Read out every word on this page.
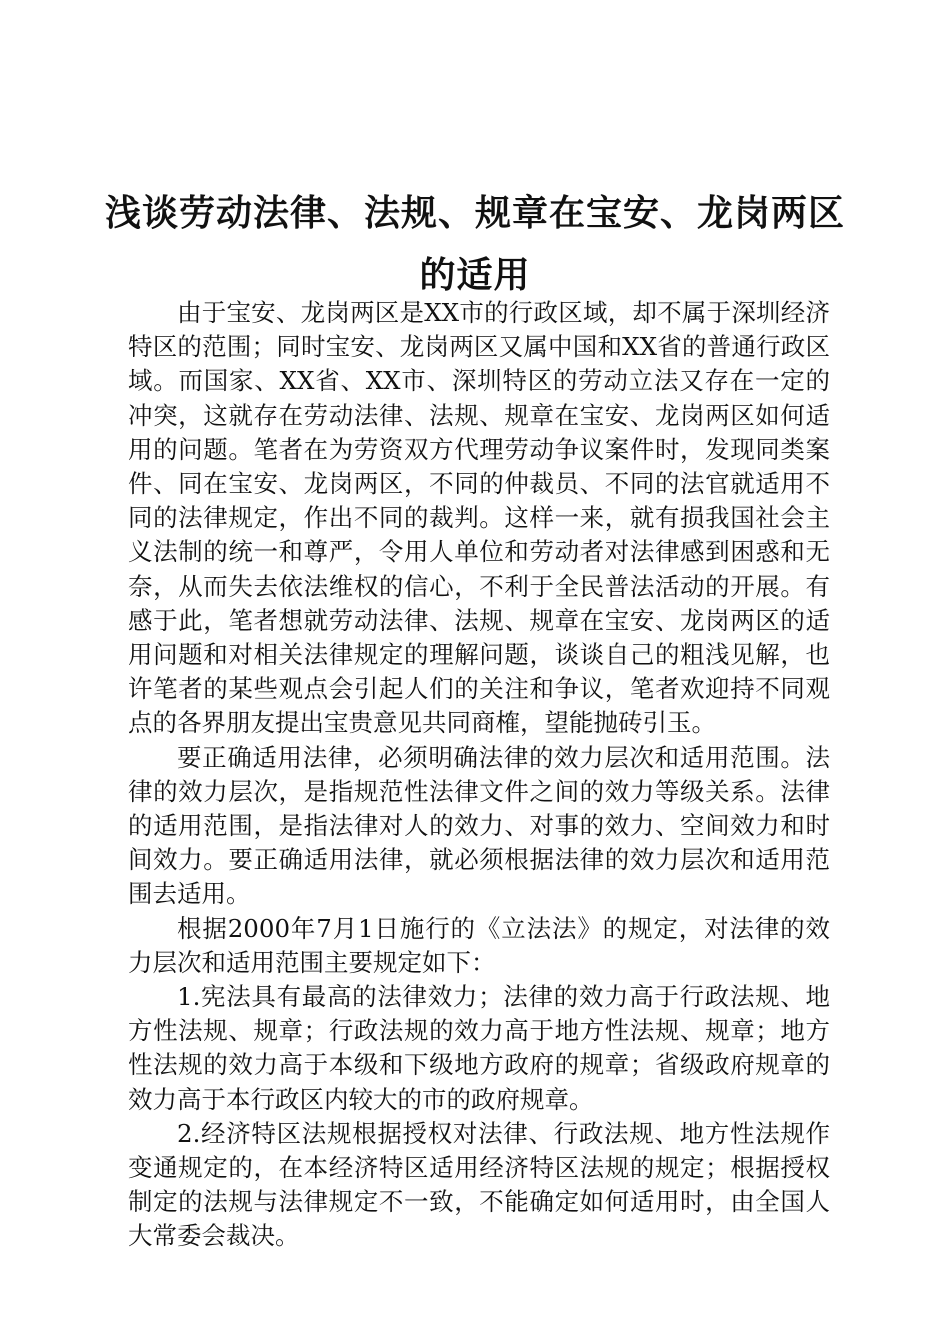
浅谈劳动法律、法规、规章在宝安、龙岗两区
的适用

由于宝安、龙岗两区是XX市的行政区域，却不属于深圳经济特区的范围；同时宝安、龙岗两区又属中国和XX省的普通行政区域。而国家、XX省、XX市、深圳特区的劳动立法又存在一定的冲突，这就存在劳动法律、法规、规章在宝安、龙岗两区如何适用的问题。笔者在为劳资双方代理劳动争议案件时，发现同类案件、同在宝安、龙岗两区，不同的仲裁员、不同的法官就适用不同的法律规定，作出不同的裁判。这样一来，就有损我国社会主义法制的统一和尊严，令用人单位和劳动者对法律感到困惑和无奈，从而失去依法维权的信心，不利于全民普法活动的开展。有感于此，笔者想就劳动法律、法规、规章在宝安、龙岗两区的适用问题和对相关法律规定的理解问题，谈谈自己的粗浅见解，也许笔者的某些观点会引起人们的关注和争议，笔者欢迎持不同观点的各界朋友提出宝贵意见共同商榷，望能抛砖引玉。

要正确适用法律，必须明确法律的效力层次和适用范围。法律的效力层次，是指规范性法律文件之间的效力等级关系。法律的适用范围，是指法律对人的效力、对事的效力、空间效力和时间效力。要正确适用法律，就必须根据法律的效力层次和适用范围去适用。

根据2000年7月1日施行的《立法法》的规定，对法律的效力层次和适用范围主要规定如下：

1.宪法具有最高的法律效力；法律的效力高于行政法规、地方性法规、规章；行政法规的效力高于地方性法规、规章；地方性法规的效力高于本级和下级地方政府的规章；省级政府规章的效力高于本行政区内较大的市的政府规章。

2.经济特区法规根据授权对法律、行政法规、地方性法规作变通规定的，在本经济特区适用经济特区法规的规定；根据授权制定的法规与法律规定不一致，不能确定如何适用时，由全国人大常委会裁决。
